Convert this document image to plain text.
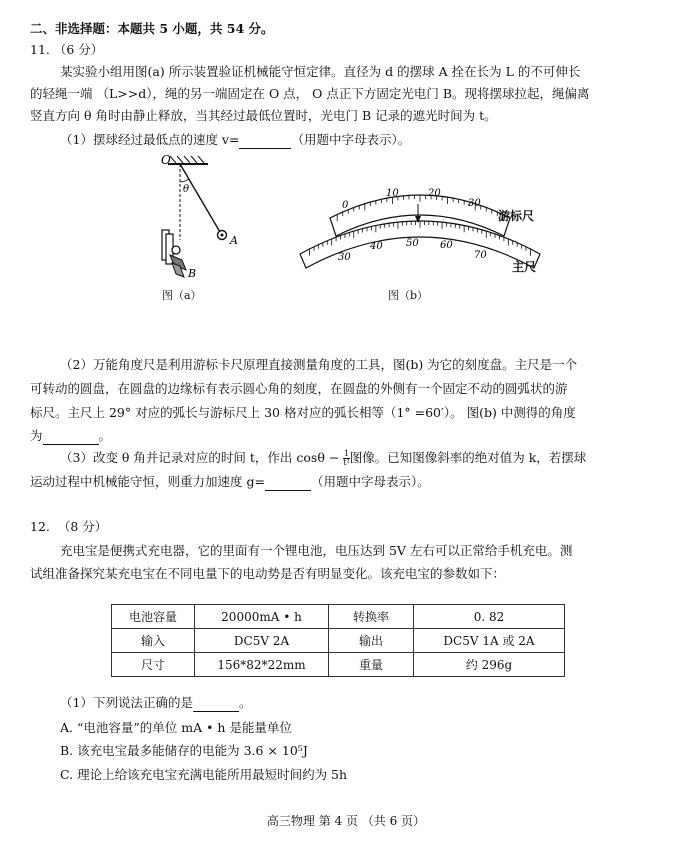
二、非选择题：本题共 5 小题，共 54 分。
11. （6 分）
某实验小组用图(a) 所示装置验证机械能守恒定律。直径为 d 的摆球 A 拴在长为 L 的不可伸长
的轻绳一端 （L>>d），绳的另一端固定在 O 点， O 点正下方固定光电门 B。现将摆球拉起，绳偏离
竖直方向 θ 角时由静止释放，当其经过最低位置时，光电门 B 记录的遮光时间为 t。
（1）摆球经过最低点的速度 v=	（用题中字母表示）。
O
θ
A
B
图（a）
0
10	20
30
30
40 50 60
70
游标尺
主尺
图（b）
（2）万能角度尺是利用游标卡尺原理直接测量角度的工具，图(b) 为它的刻度盘。主尺是一个
可转动的圆盘，在圆盘的边缘标有表示圆心角的刻度，在圆盘的外侧有一个固定不动的圆弧状的游
标尺。主尺上 29° 对应的弧长与游标尺上 30 格对应的弧长相等（1° =60′）。 图(b) 中测得的角度
为	。
（3）改变 θ 角并记录对应的时间 t，作出 $\cos\theta - \frac{1}{\text{t²}}$ 图像。已知图像斜率的绝对值为 k，若摆球
运动过程中机械能守恒，则重力加速度 g=	（用题中字母表示）。
12. （8 分）
充电宝是便携式充电器，它的里面有一个锂电池，电压达到 5V 左右可以正常给手机充电。测
试组准备探究某充电宝在不同电量下的电动势是否有明显变化。该充电宝的参数如下：
电池容量	20000mA • h	转换率	0. 82
输入	DC5V 2A	输出	DC5V 1A 或 2A
尺寸	156*82*22mm	重量	约 296g
（1）下列说法正确的是	。
A. “电池容量”的单位 mA • h 是能量单位
B. 该充电宝最多能储存的电能为 3.6 × 10⁵J
C. 理论上给该充电宝充满电能所用最短时间约为 5h
高三物理 第 4 页 （共 6 页）
